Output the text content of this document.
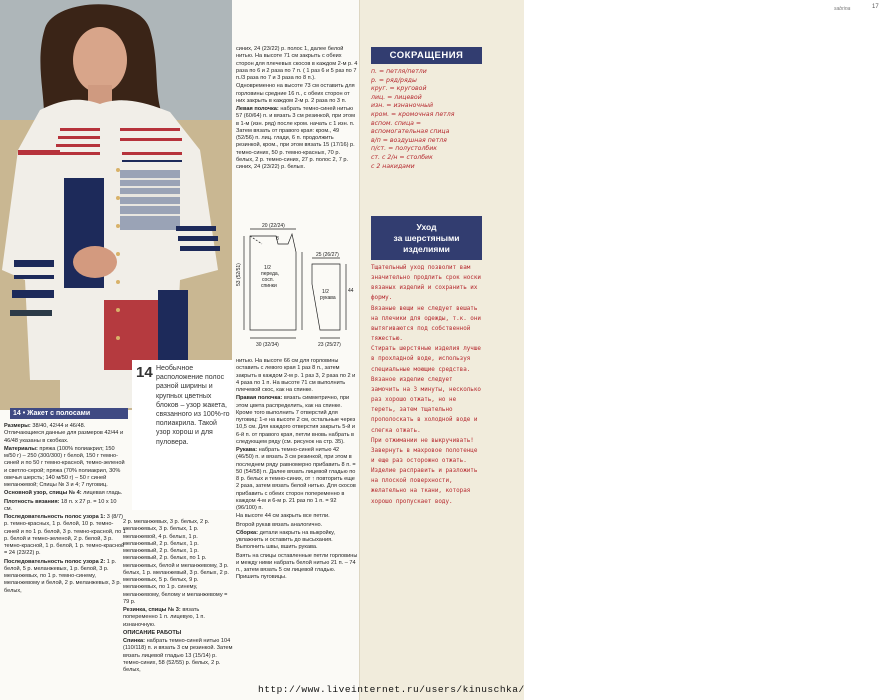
14 Необычное расположение полос разной ширины и крупных цветных блоков – узор жакета, связанного из 100%-го полиакрила. Такой узор хорош и для пуловера.
14 • Жакет с полосами

Размеры: 38/40, 42/44 и 46/48. Отличающиеся данные для размеров 42/44 и 46/48 указаны в скобках.

Материалы: пряжа (100% полиакрил; 150 м/50 г) – 250 (300/300) г белой, 150 г темно-синей и по 50 г темно-красной, темно-зеленой и светло-серой; пряжа (70% полиакрил, 30% овечья шерсть; 140 м/50 г) – 50 г синей меланжевой; Спицы № 3 и 4; 7 пуговиц.

Основной узор, спицы № 4: лицевая гладь.

Плотность вязания: 18 п. х 27 р. = 10 х 10 см.

Последовательность полос узора 1: 3 (8/7) р. темно-красных, 1 р. белой, 10 р. темно-синей и по 1 р. белой, 3 р. темно-красной, по 1 р. белой и темно-зеленой, 2 р. белой, 3 р. темно-красной, 1 р. белой, 1 р. темно-красной = 24 (23/22) р.

Последовательность полос узора 2: 1 р. белой, 5 р. меланжевых, 1 р. белой, 3 р. меланжевых, по 1 р. темно-синему, меланжевому и белой, 2 р. меланжевых, 3 р. белых,

2 р. меланжевых, 3 р. белых, 2 р. меланжевых, 3 р. белых, 1 р. меланжевой, 4 р. белых, 1 р. меланжевый, 2 р. белых, 1 р. меланжевый, 2 р. белых, 1 р. меланжевый, 2 р. белых, по 1 р. меланжевых, белой и меланжевому, 3 р. белых, 1 р. меланжевый, 3 р. белых, 2 р. меланжевых, 5 р. белых, 9 р. меланжевых, по 1 р. синему, меланжевому, белому и меланжевому = 79 р.

Резинка, спицы № 3: вязать попеременно 1 п. лицевую, 1 п. изнаночную.

ОПИСАНИЕ РАБОТЫ

Спинка: набрать темно-синей нитью 104 (110/118) п. и вязать 3 см резинкой. Затем вязать лицевой гладью 13 (15/14) р. темно-синих, 58 (52/55) р. белых, 2 р. белых,

синих, 24 (23/22) р. полос 1, далее белой нитью. На высоте 71 см закрыть с обеих сторон для плечевых скосов в каждом 2-м р. 4 раза по 6 и 2 раза по 7 п. ( 1 раз 6 и 5 раз по 7 п./3 раза по 7 и 3 раза по 8 п.).

Одновременно на высоте 73 см оставить для горловины средние 16 п., с обеих сторон от них закрыть в каждом 2-м р. 2 раза по 3 п.

Левая полочка: набрать темно-синей нитью 57 (60/64) п. и вязать 3 см резинкой, при этом в 1-м (изн. ряд) после кром. начать с 1 изн. п. Затем вязать от правого края: кром., 49 (52/56) п. лиц. глади, 6 п. продолжить резинкой, кром., при этом вязать 15 (17/16) р. темно-синих, 50 р. темно-красных, 70 р. белых, 2 р. темно-синих, 27 р. полос 2, 7 р. синих, 24 (23/22) р. белых.

20 (22/24)
8
25 (26/27)
1/2
переда,
сосп.
спинки
1/2
рукава
30 (32/34)	23 (25/27)
53 (52/51)
44

нитью. На высоте 66 см для горловины оставить с левого края 1 раз 8 п., затем закрыть в каждом 2-м р. 1 раз 3, 2 раза по 2 и 4 раза по 1 п. На высоте 71 см выполнить плечевой скос, как на спинке.

Правая полочка: вязать симметрично, при этом цвета распределить, как на спинке. Кроме того выполнить 7 отверстий для пуговиц: 1-е на высоте 2 см, остальные через 10,5 см. Для каждого отверстия закрыть 5-й и 6-й п. от правого края, петли вновь набрать в следующем ряду (см. рисунок на стр. 35).

Рукава: набрать темно-синей нитью 42 (46/50) п. и вязать 3 см резинкой, при этом в последнем ряду равномерно прибавить 8 п. = 50 (54/58) п. Далее вязать лицевой гладью по 8 р. белых и темно-синих, от ↑ повторить еще 2 раза, затем вязать белой нитью. Для скосов прибавить с обеих сторон попеременно в каждом 4-м и 6-м р. 21 раз по 1 п. = 92 (96/100) п.

На высоте 44 см закрыть все петли.

Второй рукав вязать аналогично.

Сборка: детали накрыть на выкройку, увлажнить и оставить до высыхания. Выполнить швы, вшить рукава.

Взять на спицы оставленные петли горловины и между ними набрать белой нитью 21 п. – 74 п., затем вязать 5 см лицевой гладью. Пришить пуговицы.

СОКРАЩЕНИЯ

п. = петля/петли

р. = ряд/ряды

круг. = круговой

лиц. = лицевой

изн. = изнаночный

кром. = кромочная петля

вспом. спица =

вспомогательная спица

в/п = воздушная петля

п/ст. = полустолбик

ст. с 2/н = столбик

с 2 накидами

Уход
за шерстяными
изделиями

Тщательный уход позволит вам значительно продлить срок носки вязаных изделий и сохранить их форму.

Вязаные вещи не следует вешать на плечики для одежды, т.к. они вытягиваются под собственной тяжестью.

Стирать шерстяные изделия лучше в прохладной воде, используя специальные моющие средства.

Вязаное изделие следует замочить на 3 минуты, несколько раз хорошо отжать, но не тереть, затем тщательно прополоскать в холодной воде и слегка отжать.

При отжимании не выкручивать!

Завернуть в махровое полотенце и еще раз осторожно отжать.

Изделие расправить и разложить на плоской поверхности, желательно на ткани, которая хорошо пропускает воду.

sabrina	17
http://www.liveinternet.ru/users/kinuschka/
